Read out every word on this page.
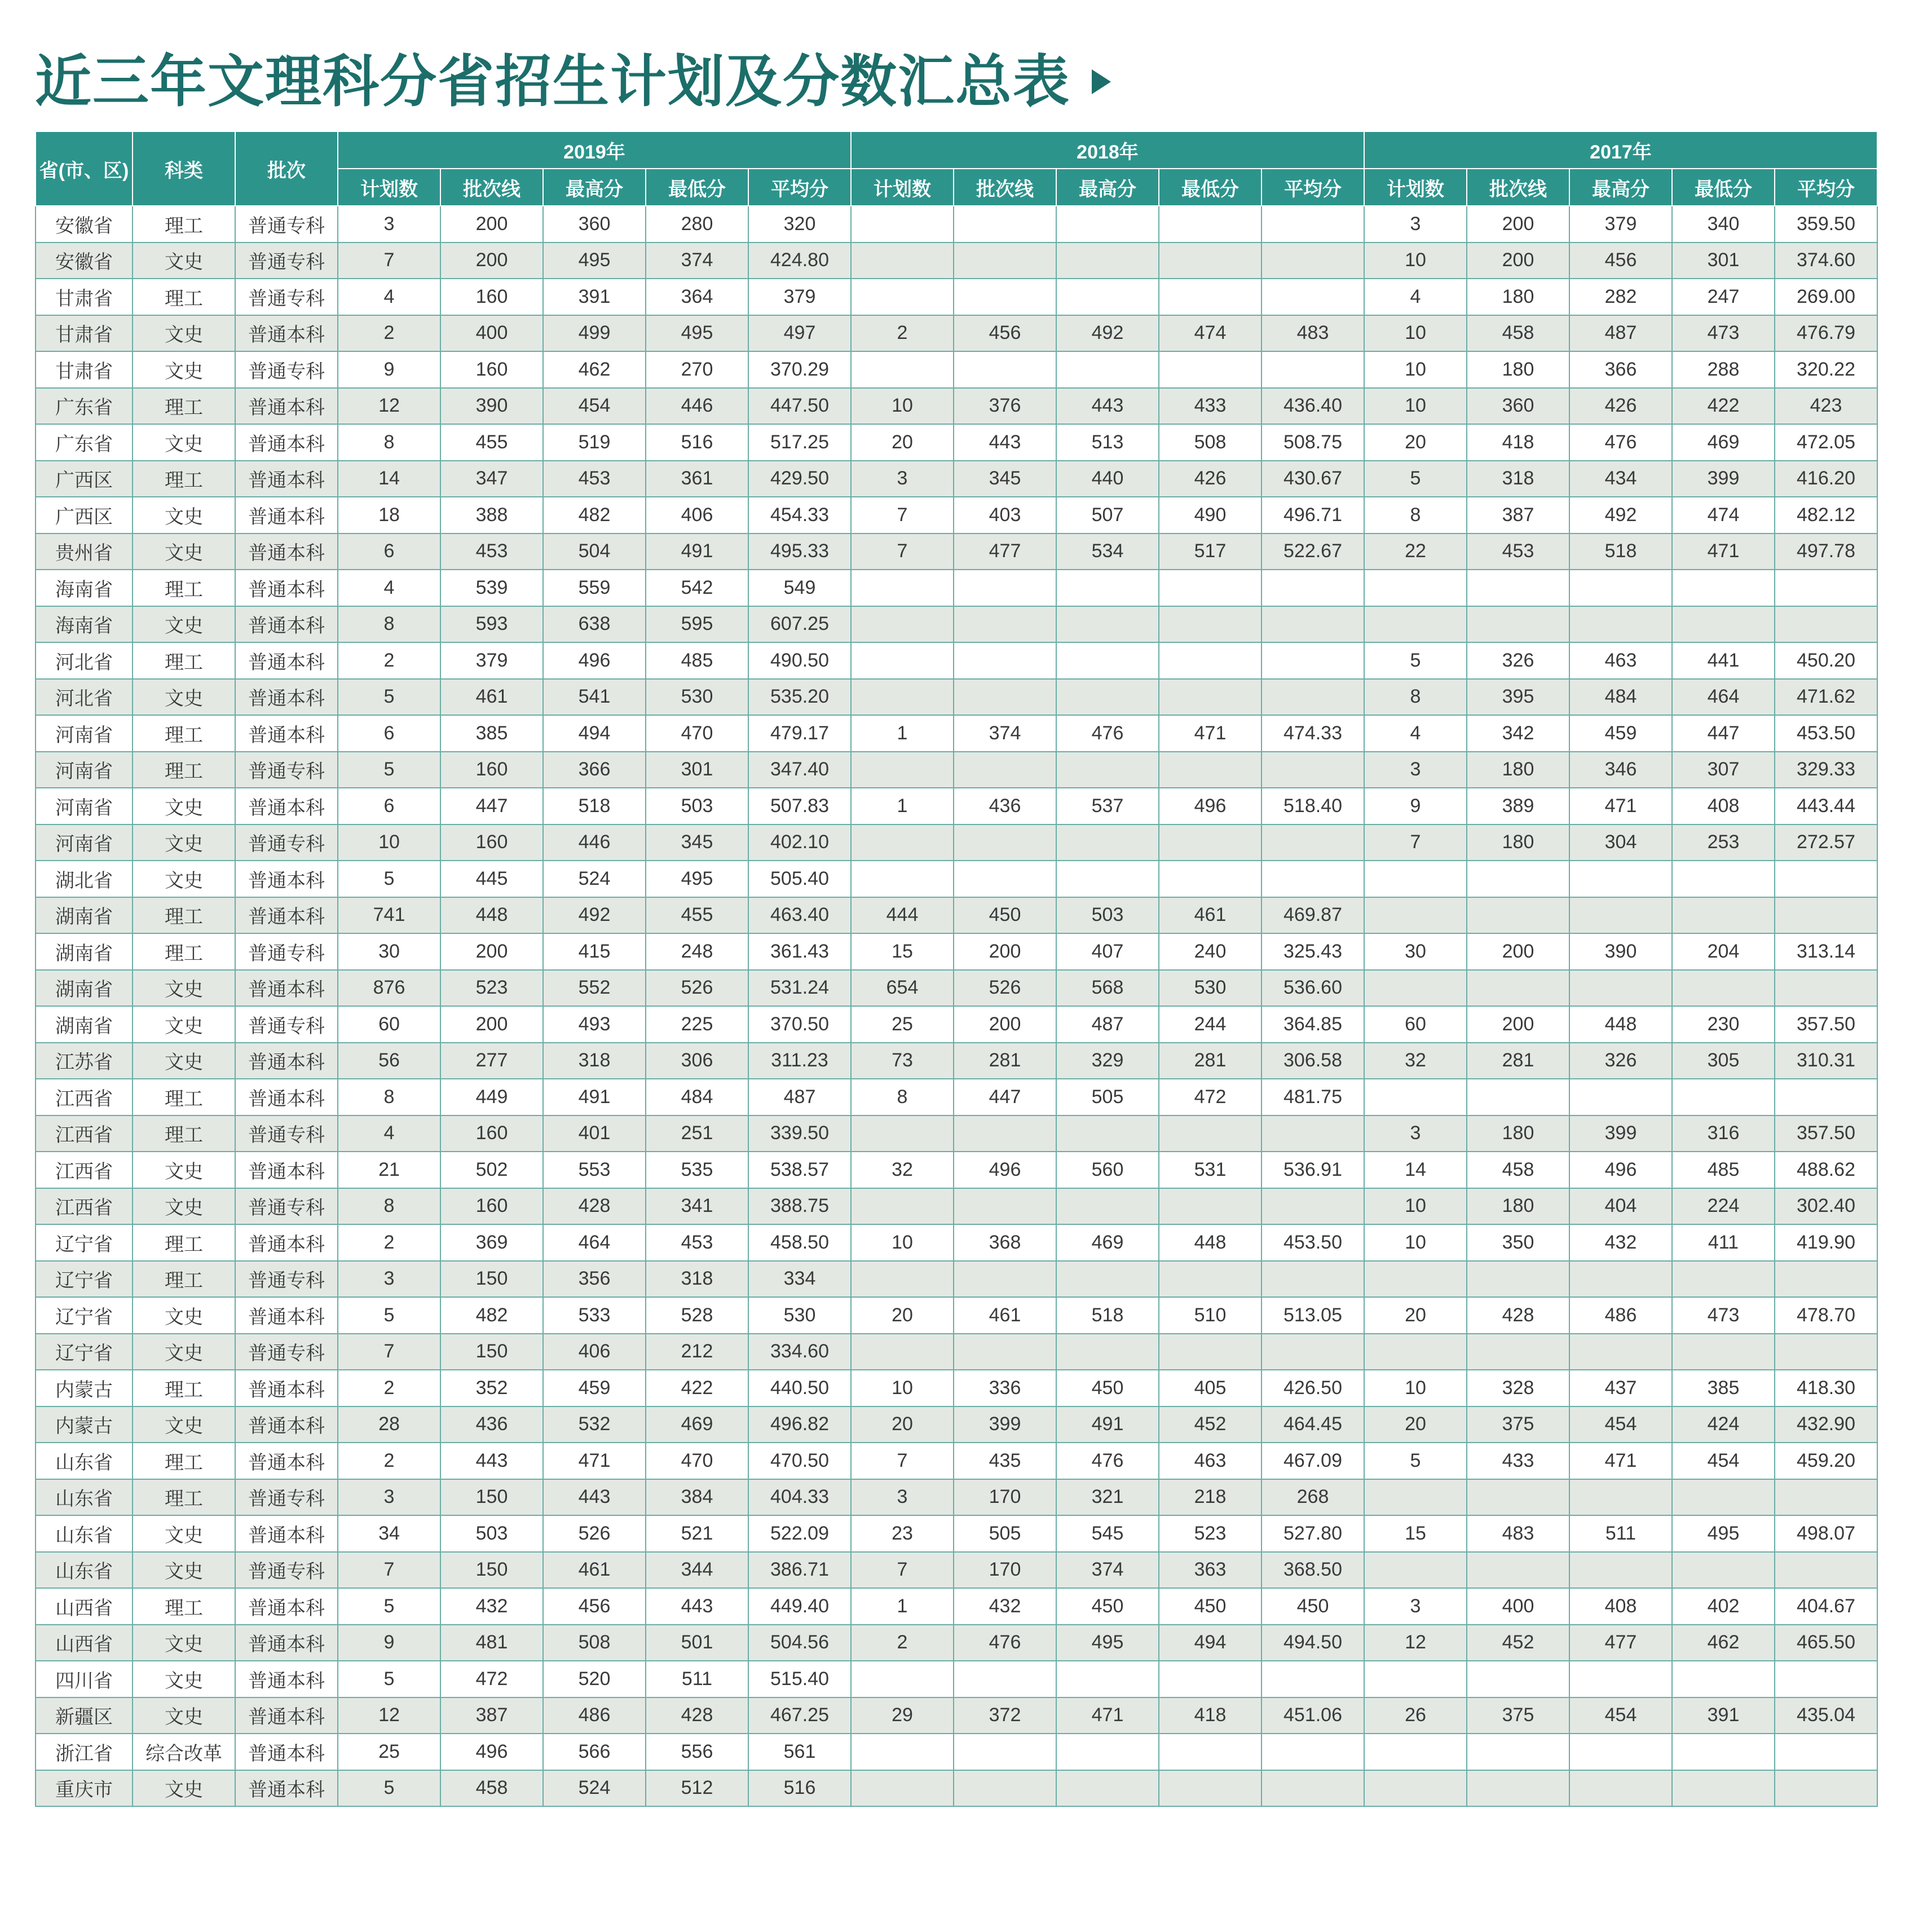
近三年文理科分省招生计划及分数汇总表
省(市、区)	科类	批次	2019年					2018年					2017年				
			计划数	批次线	最高分	最低分	平均分	计划数	批次线	最高分	最低分	平均分	计划数	批次线	最高分	最低分	平均分
安徽省	理工	普通专科	3	200	360	280	320						3	200	379	340	359.50
安徽省	文史	普通专科	7	200	495	374	424.80						10	200	456	301	374.60
甘肃省	理工	普通专科	4	160	391	364	379						4	180	282	247	269.00
甘肃省	文史	普通本科	2	400	499	495	497	2	456	492	474	483	10	458	487	473	476.79
甘肃省	文史	普通专科	9	160	462	270	370.29						10	180	366	288	320.22
广东省	理工	普通本科	12	390	454	446	447.50	10	376	443	433	436.40	10	360	426	422	423
广东省	文史	普通本科	8	455	519	516	517.25	20	443	513	508	508.75	20	418	476	469	472.05
广西区	理工	普通本科	14	347	453	361	429.50	3	345	440	426	430.67	5	318	434	399	416.20
广西区	文史	普通本科	18	388	482	406	454.33	7	403	507	490	496.71	8	387	492	474	482.12
贵州省	文史	普通本科	6	453	504	491	495.33	7	477	534	517	522.67	22	453	518	471	497.78
海南省	理工	普通本科	4	539	559	542	549										
海南省	文史	普通本科	8	593	638	595	607.25										
河北省	理工	普通本科	2	379	496	485	490.50						5	326	463	441	450.20
河北省	文史	普通本科	5	461	541	530	535.20						8	395	484	464	471.62
河南省	理工	普通本科	6	385	494	470	479.17	1	374	476	471	474.33	4	342	459	447	453.50
河南省	理工	普通专科	5	160	366	301	347.40						3	180	346	307	329.33
河南省	文史	普通本科	6	447	518	503	507.83	1	436	537	496	518.40	9	389	471	408	443.44
河南省	文史	普通专科	10	160	446	345	402.10						7	180	304	253	272.57
湖北省	文史	普通本科	5	445	524	495	505.40										
湖南省	理工	普通本科	741	448	492	455	463.40	444	450	503	461	469.87					
湖南省	理工	普通专科	30	200	415	248	361.43	15	200	407	240	325.43	30	200	390	204	313.14
湖南省	文史	普通本科	876	523	552	526	531.24	654	526	568	530	536.60					
湖南省	文史	普通专科	60	200	493	225	370.50	25	200	487	244	364.85	60	200	448	230	357.50
江苏省	文史	普通本科	56	277	318	306	311.23	73	281	329	281	306.58	32	281	326	305	310.31
江西省	理工	普通本科	8	449	491	484	487	8	447	505	472	481.75					
江西省	理工	普通专科	4	160	401	251	339.50						3	180	399	316	357.50
江西省	文史	普通本科	21	502	553	535	538.57	32	496	560	531	536.91	14	458	496	485	488.62
江西省	文史	普通专科	8	160	428	341	388.75						10	180	404	224	302.40
辽宁省	理工	普通本科	2	369	464	453	458.50	10	368	469	448	453.50	10	350	432	411	419.90
辽宁省	理工	普通专科	3	150	356	318	334										
辽宁省	文史	普通本科	5	482	533	528	530	20	461	518	510	513.05	20	428	486	473	478.70
辽宁省	文史	普通专科	7	150	406	212	334.60										
内蒙古	理工	普通本科	2	352	459	422	440.50	10	336	450	405	426.50	10	328	437	385	418.30
内蒙古	文史	普通本科	28	436	532	469	496.82	20	399	491	452	464.45	20	375	454	424	432.90
山东省	理工	普通本科	2	443	471	470	470.50	7	435	476	463	467.09	5	433	471	454	459.20
山东省	理工	普通专科	3	150	443	384	404.33	3	170	321	218	268					
山东省	文史	普通本科	34	503	526	521	522.09	23	505	545	523	527.80	15	483	511	495	498.07
山东省	文史	普通专科	7	150	461	344	386.71	7	170	374	363	368.50					
山西省	理工	普通本科	5	432	456	443	449.40	1	432	450	450	450	3	400	408	402	404.67
山西省	文史	普通本科	9	481	508	501	504.56	2	476	495	494	494.50	12	452	477	462	465.50
四川省	文史	普通本科	5	472	520	511	515.40										
新疆区	文史	普通本科	12	387	486	428	467.25	29	372	471	418	451.06	26	375	454	391	435.04
浙江省	综合改革	普通本科	25	496	566	556	561										
重庆市	文史	普通本科	5	458	524	512	516										
